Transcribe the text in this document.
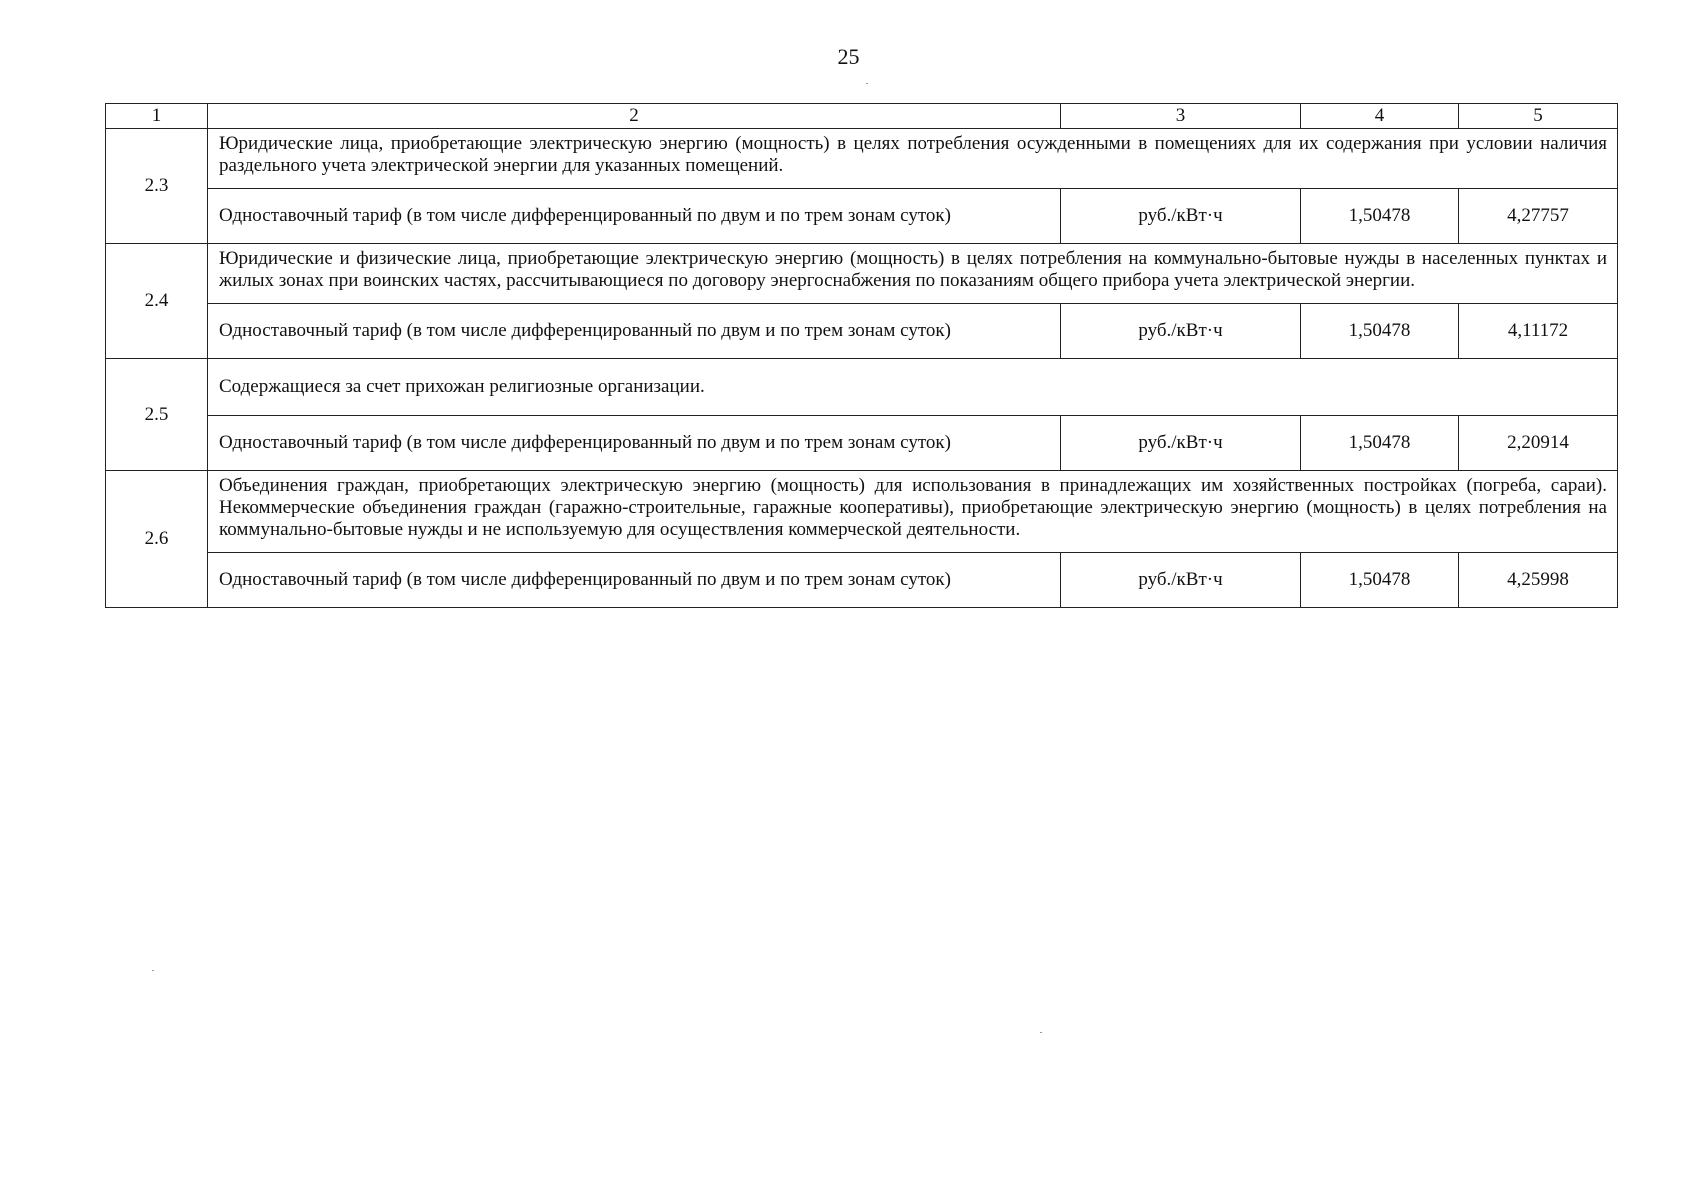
25
1	2	3	4	5
2.3	Юридические лица, приобретающие электрическую энергию (мощность) в целях потребления осужденными в помещениях для их содержания при условии наличия раздельного учета электрической энергии для указанных помещений.			
	Одноставочный тариф (в том числе дифференцированный по двум и по трем зонам суток)	руб./кВт·ч	1,50478	4,27757
2.4	Юридические и физические лица, приобретающие электрическую энергию (мощность) в целях потребления на коммунально-бытовые нужды в населенных пунктах и жилых зонах при воинских частях, рассчитывающиеся по договору энергоснабжения по показаниям общего прибора учета электрической энергии.			
	Одноставочный тариф (в том числе дифференцированный по двум и по трем зонам суток)	руб./кВт·ч	1,50478	4,11172
2.5	Содержащиеся за счет прихожан религиозные организации.			
	Одноставочный тариф (в том числе дифференцированный по двум и по трем зонам суток)	руб./кВт·ч	1,50478	2,20914
2.6	Объединения граждан, приобретающих электрическую энергию (мощность) для использования в принадлежащих им хозяйственных постройках (погреба, сараи). Некоммерческие объединения граждан (гаражно-строительные, гаражные кооперативы), приобретающие электрическую энергию (мощность) в целях потребления на коммунально-бытовые нужды и не используемую для осуществления коммерческой деятельности.			
	Одноставочный тариф (в том числе дифференцированный по двум и по трем зонам суток)	руб./кВт·ч	1,50478	4,25998
